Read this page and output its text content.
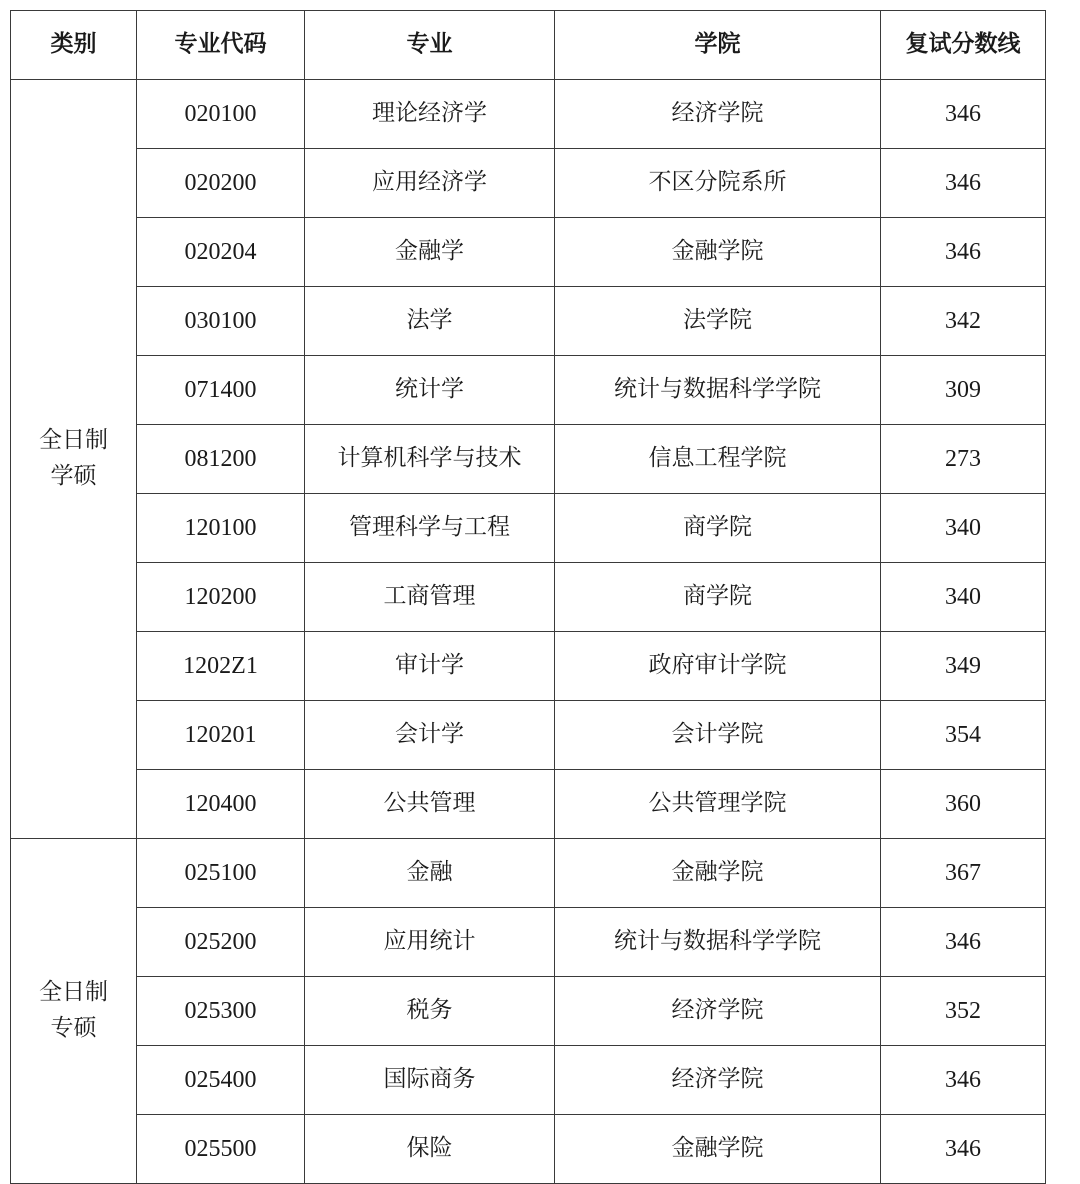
类别	专业代码	专业	学院	复试分数线

全日制
学硕	020100	理论经济学	经济学院	346
	020200	应用经济学	不区分院系所	346
	020204	金融学	金融学院	346
	030100	法学	法学院	342
	071400	统计学	统计与数据科学学院	309
	081200	计算机科学与技术	信息工程学院	273
	120100	管理科学与工程	商学院	340
	120200	工商管理	商学院	340
	1202Z1	审计学	政府审计学院	349
	120201	会计学	会计学院	354
	120400	公共管理	公共管理学院	360

全日制
专硕	025100	金融	金融学院	367
	025200	应用统计	统计与数据科学学院	346
	025300	税务	经济学院	352
	025400	国际商务	经济学院	346
	025500	保险	金融学院	346
